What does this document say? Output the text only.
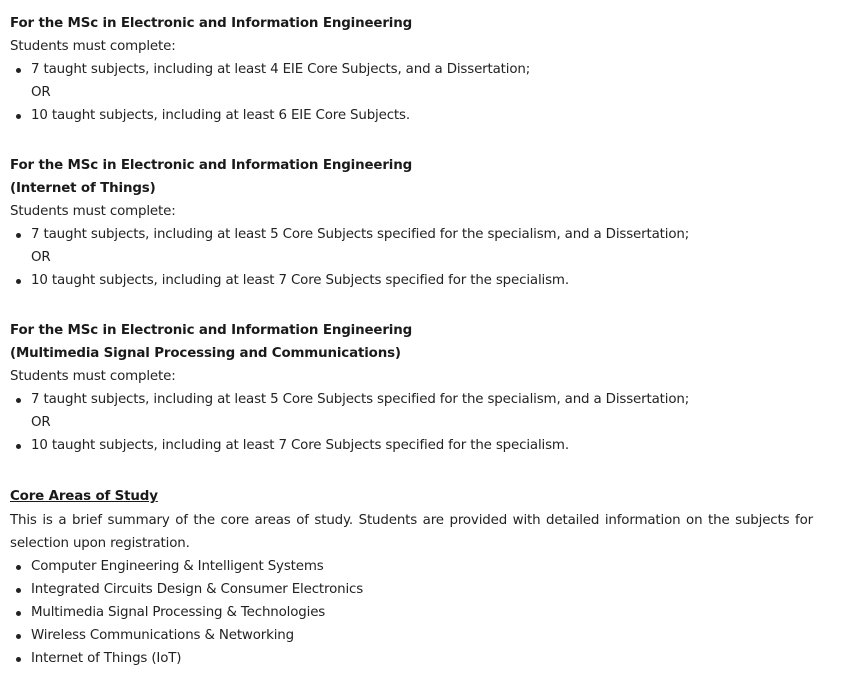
For the MSc in Electronic and Information Engineering
Students must complete:
7 taught subjects, including at least 4 EIE Core Subjects, and a Dissertation;
OR
10 taught subjects, including at least 6 EIE Core Subjects.
For the MSc in Electronic and Information Engineering
(Internet of Things)
Students must complete:
7 taught subjects, including at least 5 Core Subjects specified for the specialism, and a Dissertation;
OR
10 taught subjects, including at least 7 Core Subjects specified for the specialism.
For the MSc in Electronic and Information Engineering
(Multimedia Signal Processing and Communications)
Students must complete:
7 taught subjects, including at least 5 Core Subjects specified for the specialism, and a Dissertation;
OR
10 taught subjects, including at least 7 Core Subjects specified for the specialism.
Core Areas of Study
This is a brief summary of the core areas of study. Students are provided with detailed information on the subjects for selection upon registration.
Computer Engineering & Intelligent Systems
Integrated Circuits Design & Consumer Electronics
Multimedia Signal Processing & Technologies
Wireless Communications & Networking
Internet of Things (IoT)
